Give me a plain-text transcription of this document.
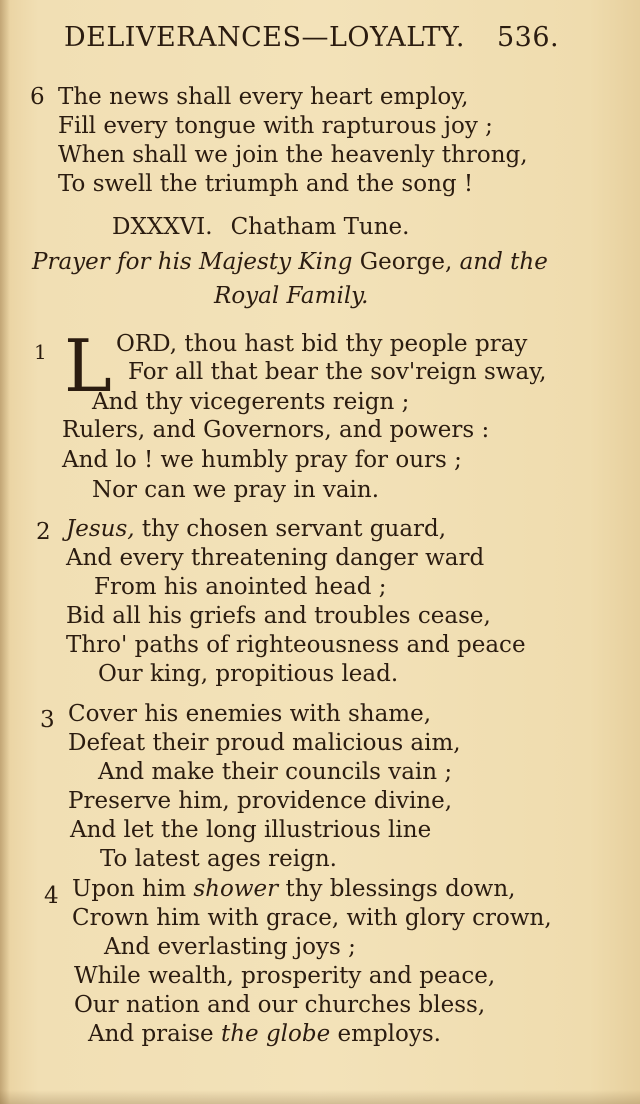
DELIVERANCES—LOYALTY. 536.
6 The news shall every heart employ,
Fill every tongue with rapturous joy ;
When shall we join the heavenly throng,
To swell the triumph and the song !
DXXXVI. Chatham Tune.
Prayer for his Majesty King George, and the
Royal Family.
1 L ORD, thou hast bid thy people pray
For all that bear the sov'reign sway,
And thy vicegerents reign ;
Rulers, and Governors, and powers :
And lo ! we humbly pray for ours ;
Nor can we pray in vain.
2 Jesus, thy chosen servant guard,
And every threatening danger ward
From his anointed head ;
Bid all his griefs and troubles cease,
Thro' paths of righteousness and peace
Our king, propitious lead.
3 Cover his enemies with shame,
Defeat their proud malicious aim,
And make their councils vain ;
Preserve him, providence divine,
And let the long illustrious line
To latest ages reign.
4 Upon him shower thy blessings down,
Crown him with grace, with glory crown,
And everlasting joys ;
While wealth, prosperity and peace,
Our nation and our churches bless,
And praise the globe employs.
